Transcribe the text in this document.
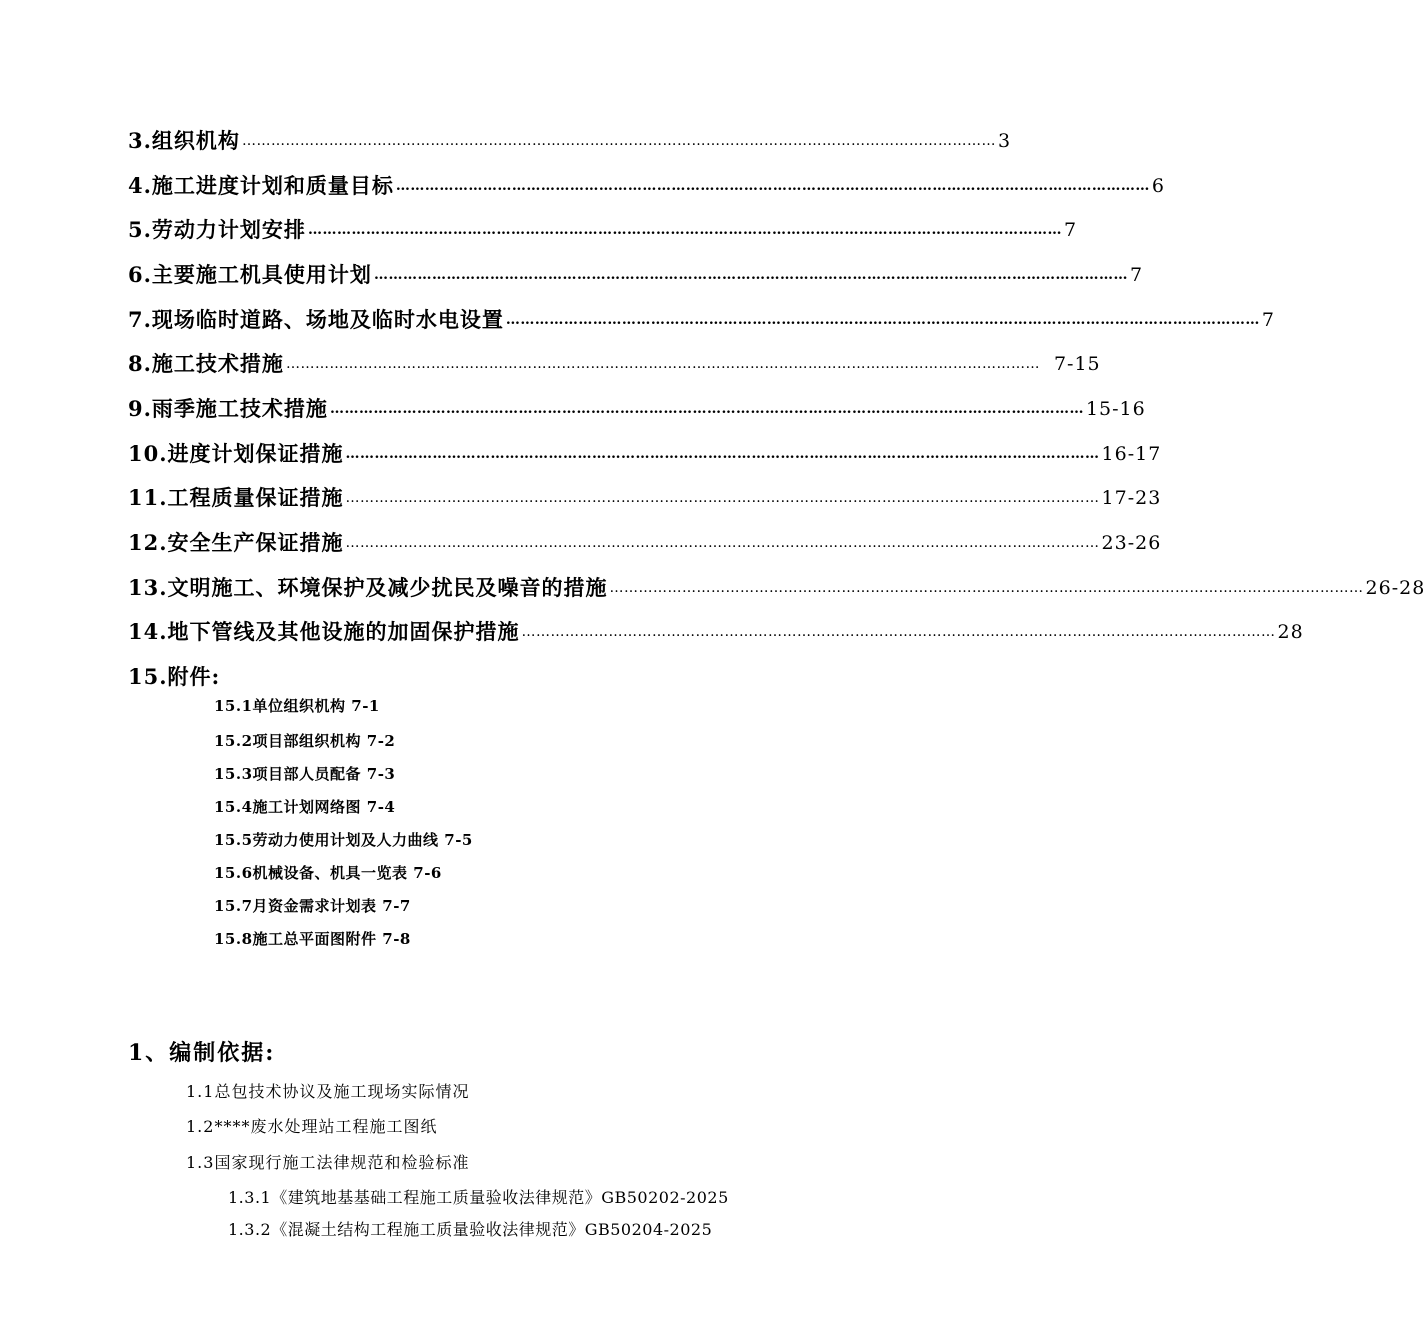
3.组织机构 ………………………………………………………………………………………………………………………………………… 3
4.施工进度计划和质量目标 ………………………………………………………………………………………………………………………………………… 6
5.劳动力计划安排 ………………………………………………………………………………………………………………………………………… 7
6.主要施工机具使用计划 ………………………………………………………………………………………………………………………………………… 7
7.现场临时道路、场地及临时水电设置 ………………………………………………………………………………………………………………………………………… 7
8.施工技术措施 ………………………………………………………………………………………………………………………………………… 7-15
9.雨季施工技术措施 ………………………………………………………………………………………………………………………………………… 15-16
10.进度计划保证措施 ………………………………………………………………………………………………………………………………………… 16-17
11.工程质量保证措施 ………………………………………………………………………………………………………………………………………… 17-23
12.安全生产保证措施 ………………………………………………………………………………………………………………………………………… 23-26
13.文明施工、环境保护及减少扰民及噪音的措施 ………………………………………………………………………………………………………………………………………… 26-28
14.地下管线及其他设施的加固保护措施 ………………………………………………………………………………………………………………………………………… 28
15.附件:
15.1单位组织机构 7-1
15.2项目部组织机构 7-2
15.3项目部人员配备 7-3
15.4施工计划网络图 7-4
15.5劳动力使用计划及人力曲线 7-5
15.6机械设备、机具一览表 7-6
15.7月资金需求计划表 7-7
15.8施工总平面图附件 7-8
1、编制依据:
1.1总包技术协议及施工现场实际情况
1.2****废水处理站工程施工图纸
1.3国家现行施工法律规范和检验标准
1.3.1《建筑地基基础工程施工质量验收法律规范》GB50202-2025
1.3.2《混凝土结构工程施工质量验收法律规范》GB50204-2025
